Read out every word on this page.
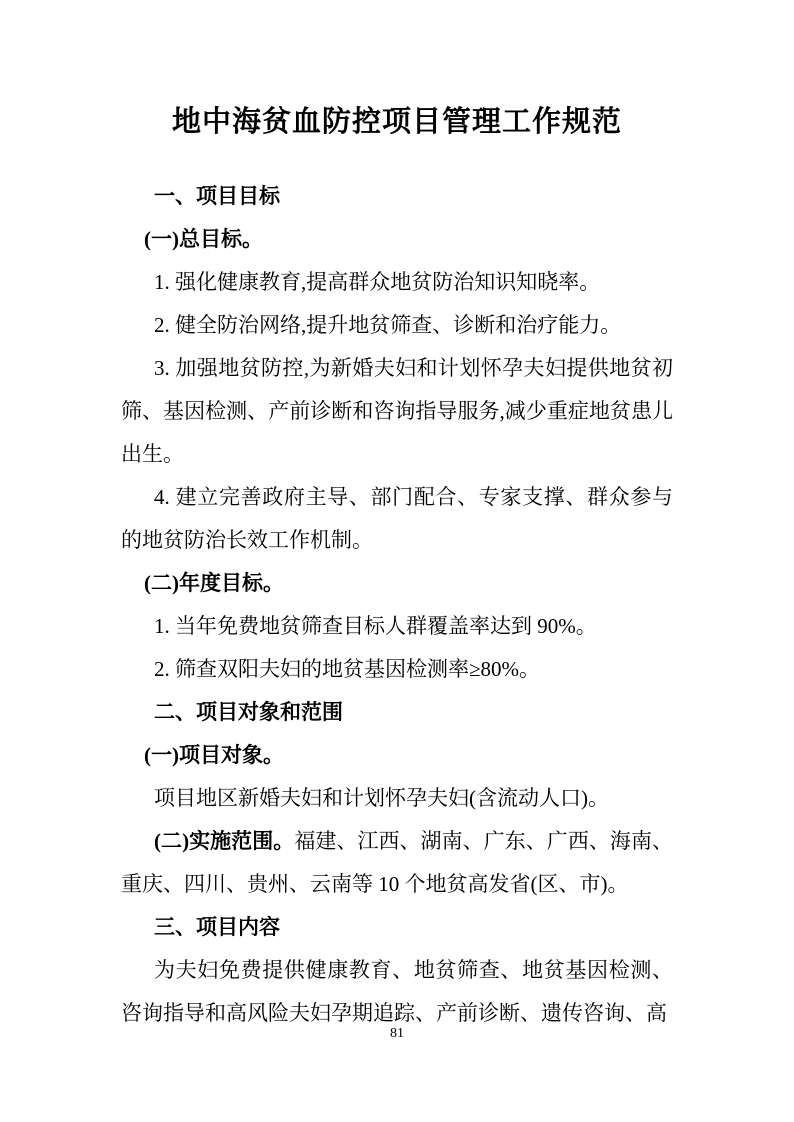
地中海贫血防控项目管理工作规范

一、项目目标

(一)总目标。

1. 强化健康教育,提高群众地贫防治知识知晓率。

2. 健全防治网络,提升地贫筛查、诊断和治疗能力。

3. 加强地贫防控,为新婚夫妇和计划怀孕夫妇提供地贫初筛、基因检测、产前诊断和咨询指导服务,减少重症地贫患儿出生。

4. 建立完善政府主导、部门配合、专家支撑、群众参与的地贫防治长效工作机制。

(二)年度目标。

1. 当年免费地贫筛查目标人群覆盖率达到 90%。

2. 筛查双阳夫妇的地贫基因检测率≥80%。

二、项目对象和范围

(一)项目对象。

项目地区新婚夫妇和计划怀孕夫妇(含流动人口)。

(二)实施范围。福建、江西、湖南、广东、广西、海南、重庆、四川、贵州、云南等 10 个地贫高发省(区、市)。

三、项目内容

为夫妇免费提供健康教育、地贫筛查、地贫基因检测、咨询指导和高风险夫妇孕期追踪、产前诊断、遗传咨询、高

81
